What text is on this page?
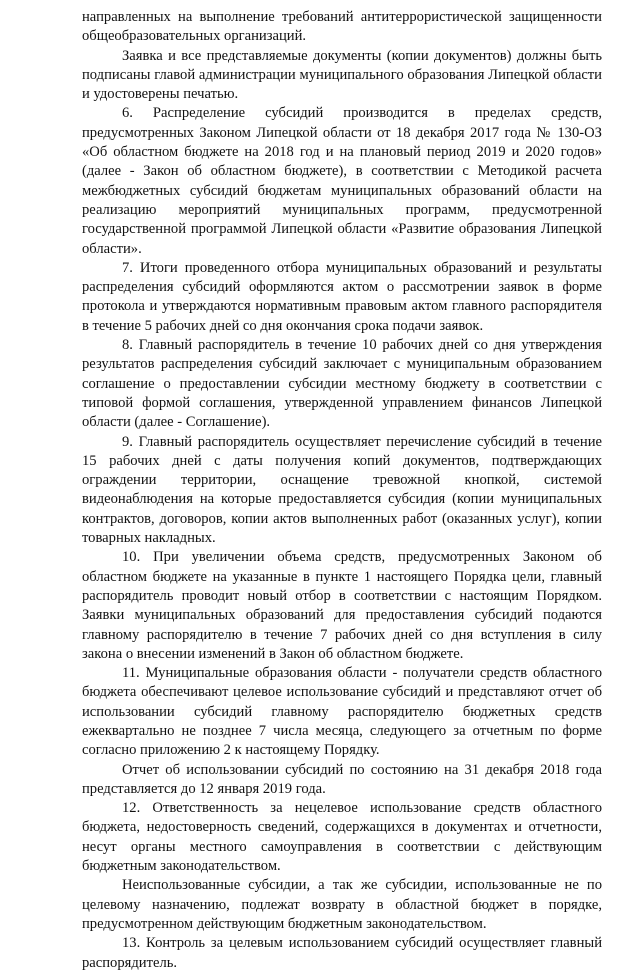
направленных на выполнение требований антитеррористической защищенности общеобразовательных организаций.

Заявка и все представляемые документы (копии документов) должны быть подписаны главой администрации муниципального образования Липецкой области и удостоверены печатью.

6. Распределение субсидий производится в пределах средств, предусмотренных Законом Липецкой области от 18 декабря 2017 года № 130-ОЗ «Об областном бюджете на 2018 год и на плановый период 2019 и 2020 годов» (далее - Закон об областном бюджете), в соответствии с Методикой расчета межбюджетных субсидий бюджетам муниципальных образований области на реализацию мероприятий муниципальных программ, предусмотренной государственной программой Липецкой области «Развитие образования Липецкой области».

7. Итоги проведенного отбора муниципальных образований и результаты распределения субсидий оформляются актом о рассмотрении заявок в форме протокола и утверждаются нормативным правовым актом главного распорядителя в течение 5 рабочих дней со дня окончания срока подачи заявок.

8. Главный распорядитель в течение 10 рабочих дней со дня утверждения результатов распределения субсидий заключает с муниципальным образованием соглашение о предоставлении субсидии местному бюджету в соответствии с типовой формой соглашения, утвержденной управлением финансов Липецкой области (далее - Соглашение).

9. Главный распорядитель осуществляет перечисление субсидий в течение 15 рабочих дней с даты получения копий документов, подтверждающих ограждении территории, оснащение тревожной кнопкой, системой видеонаблюдения на которые предоставляется субсидия (копии муниципальных контрактов, договоров, копии актов выполненных работ (оказанных услуг), копии товарных накладных.

10. При увеличении объема средств, предусмотренных Законом об областном бюджете на указанные в пункте 1 настоящего Порядка цели, главный распорядитель проводит новый отбор в соответствии с настоящим Порядком. Заявки муниципальных образований для предоставления субсидий подаются главному распорядителю в течение 7 рабочих дней со дня вступления в силу закона о внесении изменений в Закон об областном бюджете.

11. Муниципальные образования области - получатели средств областного бюджета обеспечивают целевое использование субсидий и представляют отчет об использовании субсидий главному распорядителю бюджетных средств ежеквартально не позднее 7 числа месяца, следующего за отчетным по форме согласно приложению 2 к настоящему Порядку.

Отчет об использовании субсидий по состоянию на 31 декабря 2018 года представляется до 12 января 2019 года.

12. Ответственность за нецелевое использование средств областного бюджета, недостоверность сведений, содержащихся в документах и отчетности, несут органы местного самоуправления в соответствии с действующим бюджетным законодательством.

Неиспользованные субсидии, а так же субсидии, использованные не по целевому назначению, подлежат возврату в областной бюджет в порядке, предусмотренном действующим бюджетным законодательством.

13. Контроль за целевым использованием субсидий осуществляет главный распорядитель.
